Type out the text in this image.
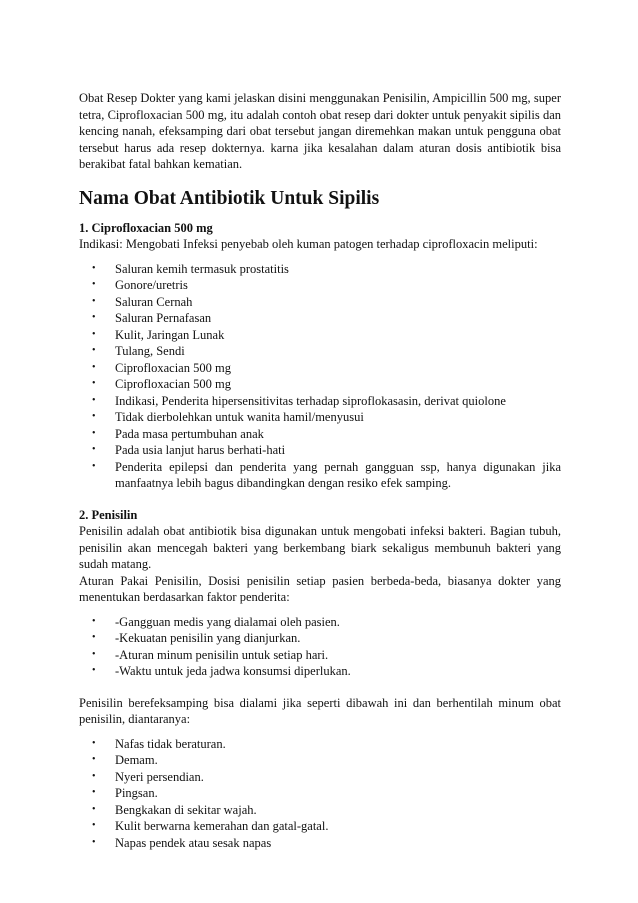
Obat Resep Dokter yang kami jelaskan disini menggunakan Penisilin, Ampicillin 500 mg, super tetra, Ciprofloxacian 500 mg, itu adalah contoh obat resep dari dokter untuk penyakit sipilis dan kencing nanah, efeksamping dari obat tersebut jangan diremehkan makan untuk pengguna obat tersebut harus ada resep dokternya. karna jika kesalahan dalam aturan dosis antibiotik bisa berakibat fatal bahkan kematian.

Nama Obat Antibiotik Untuk Sipilis
1. Ciprofloxacian 500 mg

Indikasi: Mengobati Infeksi penyebab oleh kuman patogen terhadap ciprofloxacin meliputi:

• Saluran kemih termasuk prostatitis
• Gonore/uretris
• Saluran Cernah
• Saluran Pernafasan
• Kulit, Jaringan Lunak
• Tulang, Sendi
• Ciprofloxacian 500 mg
• Ciprofloxacian 500 mg
• Indikasi, Penderita hipersensitivitas terhadap siproflokasasin, derivat quiolone
• Tidak dierbolehkan untuk wanita hamil/menyusui
• Pada masa pertumbuhan anak
• Pada usia lanjut harus berhati-hati
• Penderita epilepsi dan penderita yang pernah gangguan ssp, hanya digunakan jika manfaatnya lebih bagus dibandingkan dengan resiko efek samping.
2. Penisilin

Penisilin adalah obat antibiotik bisa digunakan untuk mengobati infeksi bakteri. Bagian tubuh, penisilin akan mencegah bakteri yang berkembang biark sekaligus membunuh bakteri yang sudah matang.

Aturan Pakai Penisilin, Dosisi penisilin setiap pasien berbeda-beda, biasanya dokter yang menentukan berdasarkan faktor penderita:

• -Gangguan medis yang dialamai oleh pasien.
• -Kekuatan penisilin yang dianjurkan.
• -Aturan minum penisilin untuk setiap hari.
• -Waktu untuk jeda jadwa konsumsi diperlukan.

Penisilin berefeksamping bisa dialami jika seperti dibawah ini dan berhentilah minum obat penisilin, diantaranya:

• Nafas tidak beraturan.
• Demam.
• Nyeri persendian.
• Pingsan.
• Bengkakan di sekitar wajah.
• Kulit berwarna kemerahan dan gatal-gatal.
• Napas pendek atau sesak napas
